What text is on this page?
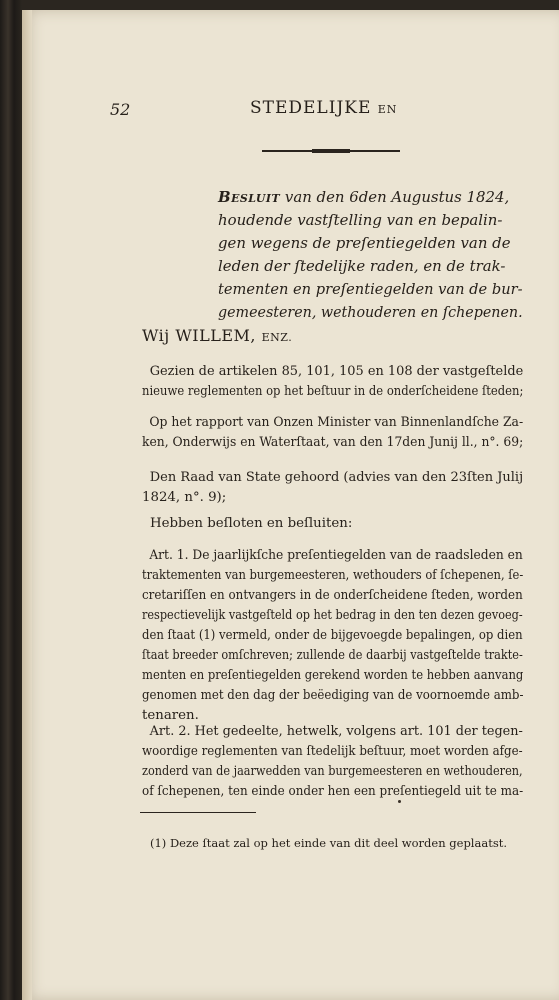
52	STEDELIJKE EN
Besluit van den 6den Augustus 1824,
houdende vastſtelling van en bepalin-
gen wegens de preſentiegelden van de
leden der ſtedelijke raden, en de trak-
tementen en preſentiegelden van de bur-
gemeesteren, wethouderen en ſchepenen.
Wij WILLEM, ENZ.
Gezien de artikelen 85, 101, 105 en 108 der vastgeſtelde
nieuwe reglementen op het beſtuur in de onderſcheidene ſteden;
Op het rapport van Onzen Minister van Binnenlandſche Za-
ken, Onderwijs en Waterſtaat, van den 17den Junij ll., n°. 69;
Den Raad van State gehoord (advies van den 23ſten Julij
1824, n°. 9);
Hebben beſloten en beſluiten:
Art. 1. De jaarlijkſche preſentiegelden van de raadsleden en
traktementen van burgemeesteren, wethouders of ſchepenen, ſe-
cretariſſen en ontvangers in de onderſcheidene ſteden, worden
respectievelijk vastgeſteld op het bedrag in den ten dezen gevoeg-
den ſtaat (1) vermeld, onder de bijgevoegde bepalingen, op dien
ſtaat breeder omſchreven; zullende de daarbij vastgeſtelde trakte-
menten en preſentiegelden gerekend worden te hebben aanvang
genomen met den dag der beëediging van de voornoemde amb-
tenaren.
Art. 2. Het gedeelte, hetwelk, volgens art. 101 der tegen-
woordige reglementen van ſtedelijk beſtuur, moet worden afge-
zonderd van de jaarwedden van burgemeesteren en wethouderen,
of ſchepenen, ten einde onder hen een preſentiegeld uit te ma-
(1) Deze ſtaat zal op het einde van dit deel worden geplaatst.
